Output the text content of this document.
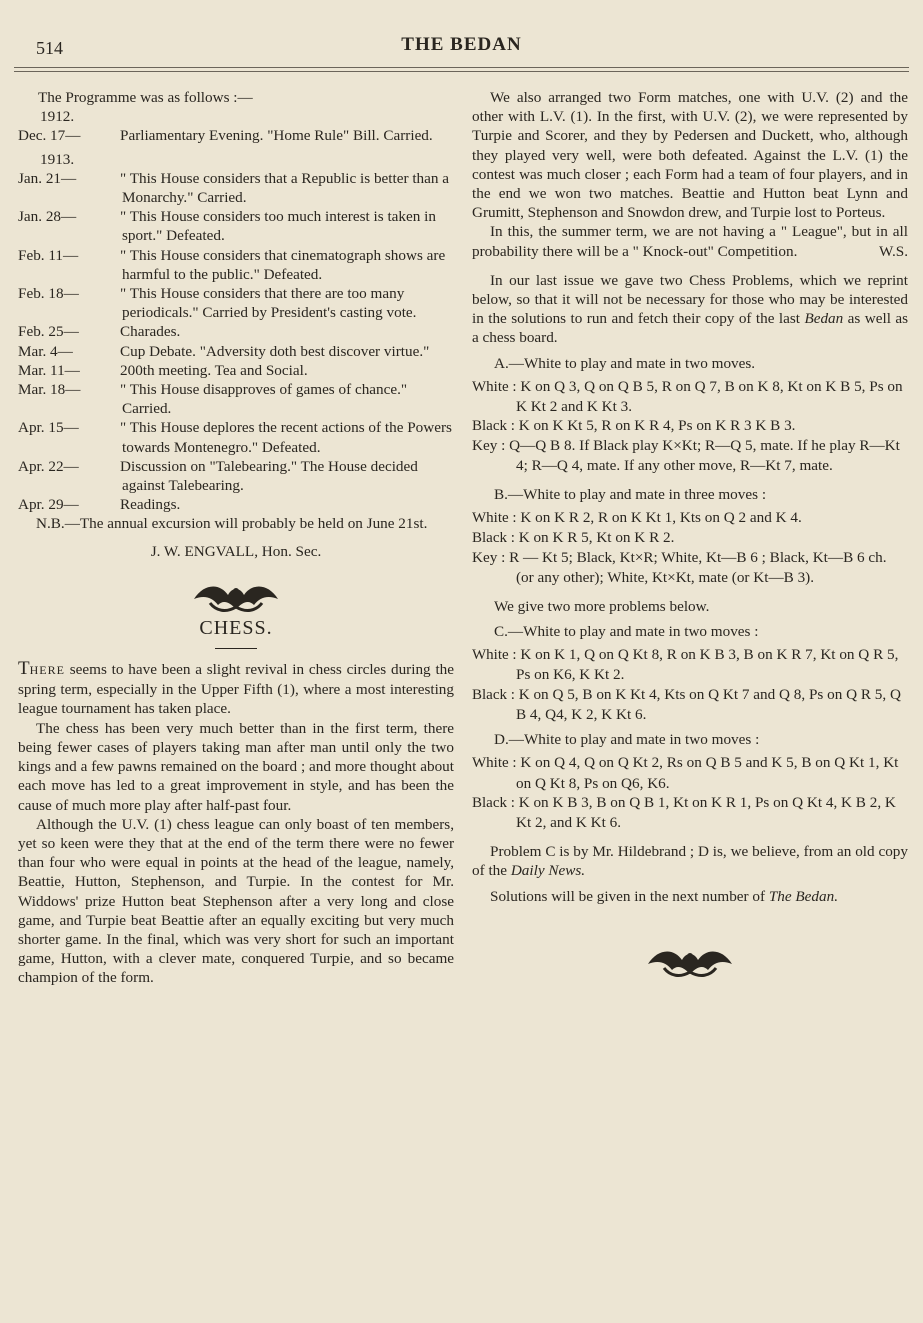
514	THE BEDAN

The Programme was as follows :—

1912.

Dec. 17—	Parliamentary Evening. "Home Rule" Bill. Carried.

1913.

Jan. 21—	" This House considers that a Republic is better than a Monarchy." Carried.

Jan. 28—	" This House considers too much interest is taken in sport." Defeated.

Feb. 11—	" This House considers that cinematograph shows are harmful to the public." Defeated.

Feb. 18—	" This House considers that there are too many periodicals." Carried by President's casting vote.

Feb. 25—	Charades.

Mar. 4—	Cup Debate. "Adversity doth best discover virtue."

Mar. 11—	200th meeting. Tea and Social.

Mar. 18—	" This House disapproves of games of chance." Carried.

Apr. 15—	" This House deplores the recent actions of the Powers towards Montenegro." Defeated.

Apr. 22—	Discussion on "Talebearing." The House decided against Talebearing.

Apr. 29—	Readings.

N.B.—The annual excursion will probably be held on June 21st.

J. W. ENGVALL, Hon. Sec.

CHESS.

THERE seems to have been a slight revival in chess circles during the spring term, especially in the Upper Fifth (1), where a most interesting league tournament has taken place.

The chess has been very much better than in the first term, there being fewer cases of players taking man after man until only the two kings and a few pawns remained on the board ; and more thought about each move has led to a great improvement in style, and has been the cause of much more play after half-past four.

Although the U.V. (1) chess league can only boast of ten members, yet so keen were they that at the end of the term there were no fewer than four who were equal in points at the head of the league, namely, Beattie, Hutton, Stephenson, and Turpie. In the contest for Mr. Widdows' prize Hutton beat Stephenson after a very long and close game, and Turpie beat Beattie after an equally exciting but very much shorter game. In the final, which was very short for such an important game, Hutton, with a clever mate, conquered Turpie, and so became champion of the form.

We also arranged two Form matches, one with U.V. (2) and the other with L.V. (1). In the first, with U.V. (2), we were represented by Turpie and Scorer, and they by Pedersen and Duckett, who, although they played very well, were both defeated. Against the L.V. (1) the contest was much closer ; each Form had a team of four players, and in the end we won two matches. Beattie and Hutton beat Lynn and Grumitt, Stephenson and Snowdon drew, and Turpie lost to Porteus.

In this, the summer term, we are not having a " League", but in all probability there will be a " Knock-out" Competition.	W.S.

In our last issue we gave two Chess Problems, which we reprint below, so that it will not be necessary for those who may be interested in the solutions to run and fetch their copy of the last Bedan as well as a chess board.

A.—White to play and mate in two moves.

White : K on Q 3, Q on Q B 5, R on Q 7, B on K 8, Kt on K B 5, Ps on K Kt 2 and K Kt 3.

Black : K on K Kt 5, R on K R 4, Ps on K R 3 K B 3.

Key : Q—Q B 8. If Black play K×Kt; R—Q 5, mate. If he play R—Kt 4; R—Q 4, mate. If any other move, R—Kt 7, mate.

B.—White to play and mate in three moves :

White : K on K R 2, R on K Kt 1, Kts on Q 2 and K 4.

Black : K on K R 5, Kt on K R 2.

Key : R — Kt 5; Black, Kt×R; White, Kt—B 6 ; Black, Kt—B 6 ch. (or any other); White, Kt×Kt, mate (or Kt—B 3).

We give two more problems below.

C.—White to play and mate in two moves :

White : K on K 1, Q on Q Kt 8, R on K B 3, B on K R 7, Kt on Q R 5, Ps on K6, K Kt 2.

Black : K on Q 5, B on K Kt 4, Kts on Q Kt 7 and Q 8, Ps on Q R 5, Q B 4, Q4, K 2, K Kt 6.

D.—White to play and mate in two moves :

White : K on Q 4, Q on Q Kt 2, Rs on Q B 5 and K 5, B on Q Kt 1, Kt on Q Kt 8, Ps on Q6, K6.

Black : K on K B 3, B on Q B 1, Kt on K R 1, Ps on Q Kt 4, K B 2, K Kt 2, and K Kt 6.

Problem C is by Mr. Hildebrand ; D is, we believe, from an old copy of the Daily News.

Solutions will be given in the next number of The Bedan.
